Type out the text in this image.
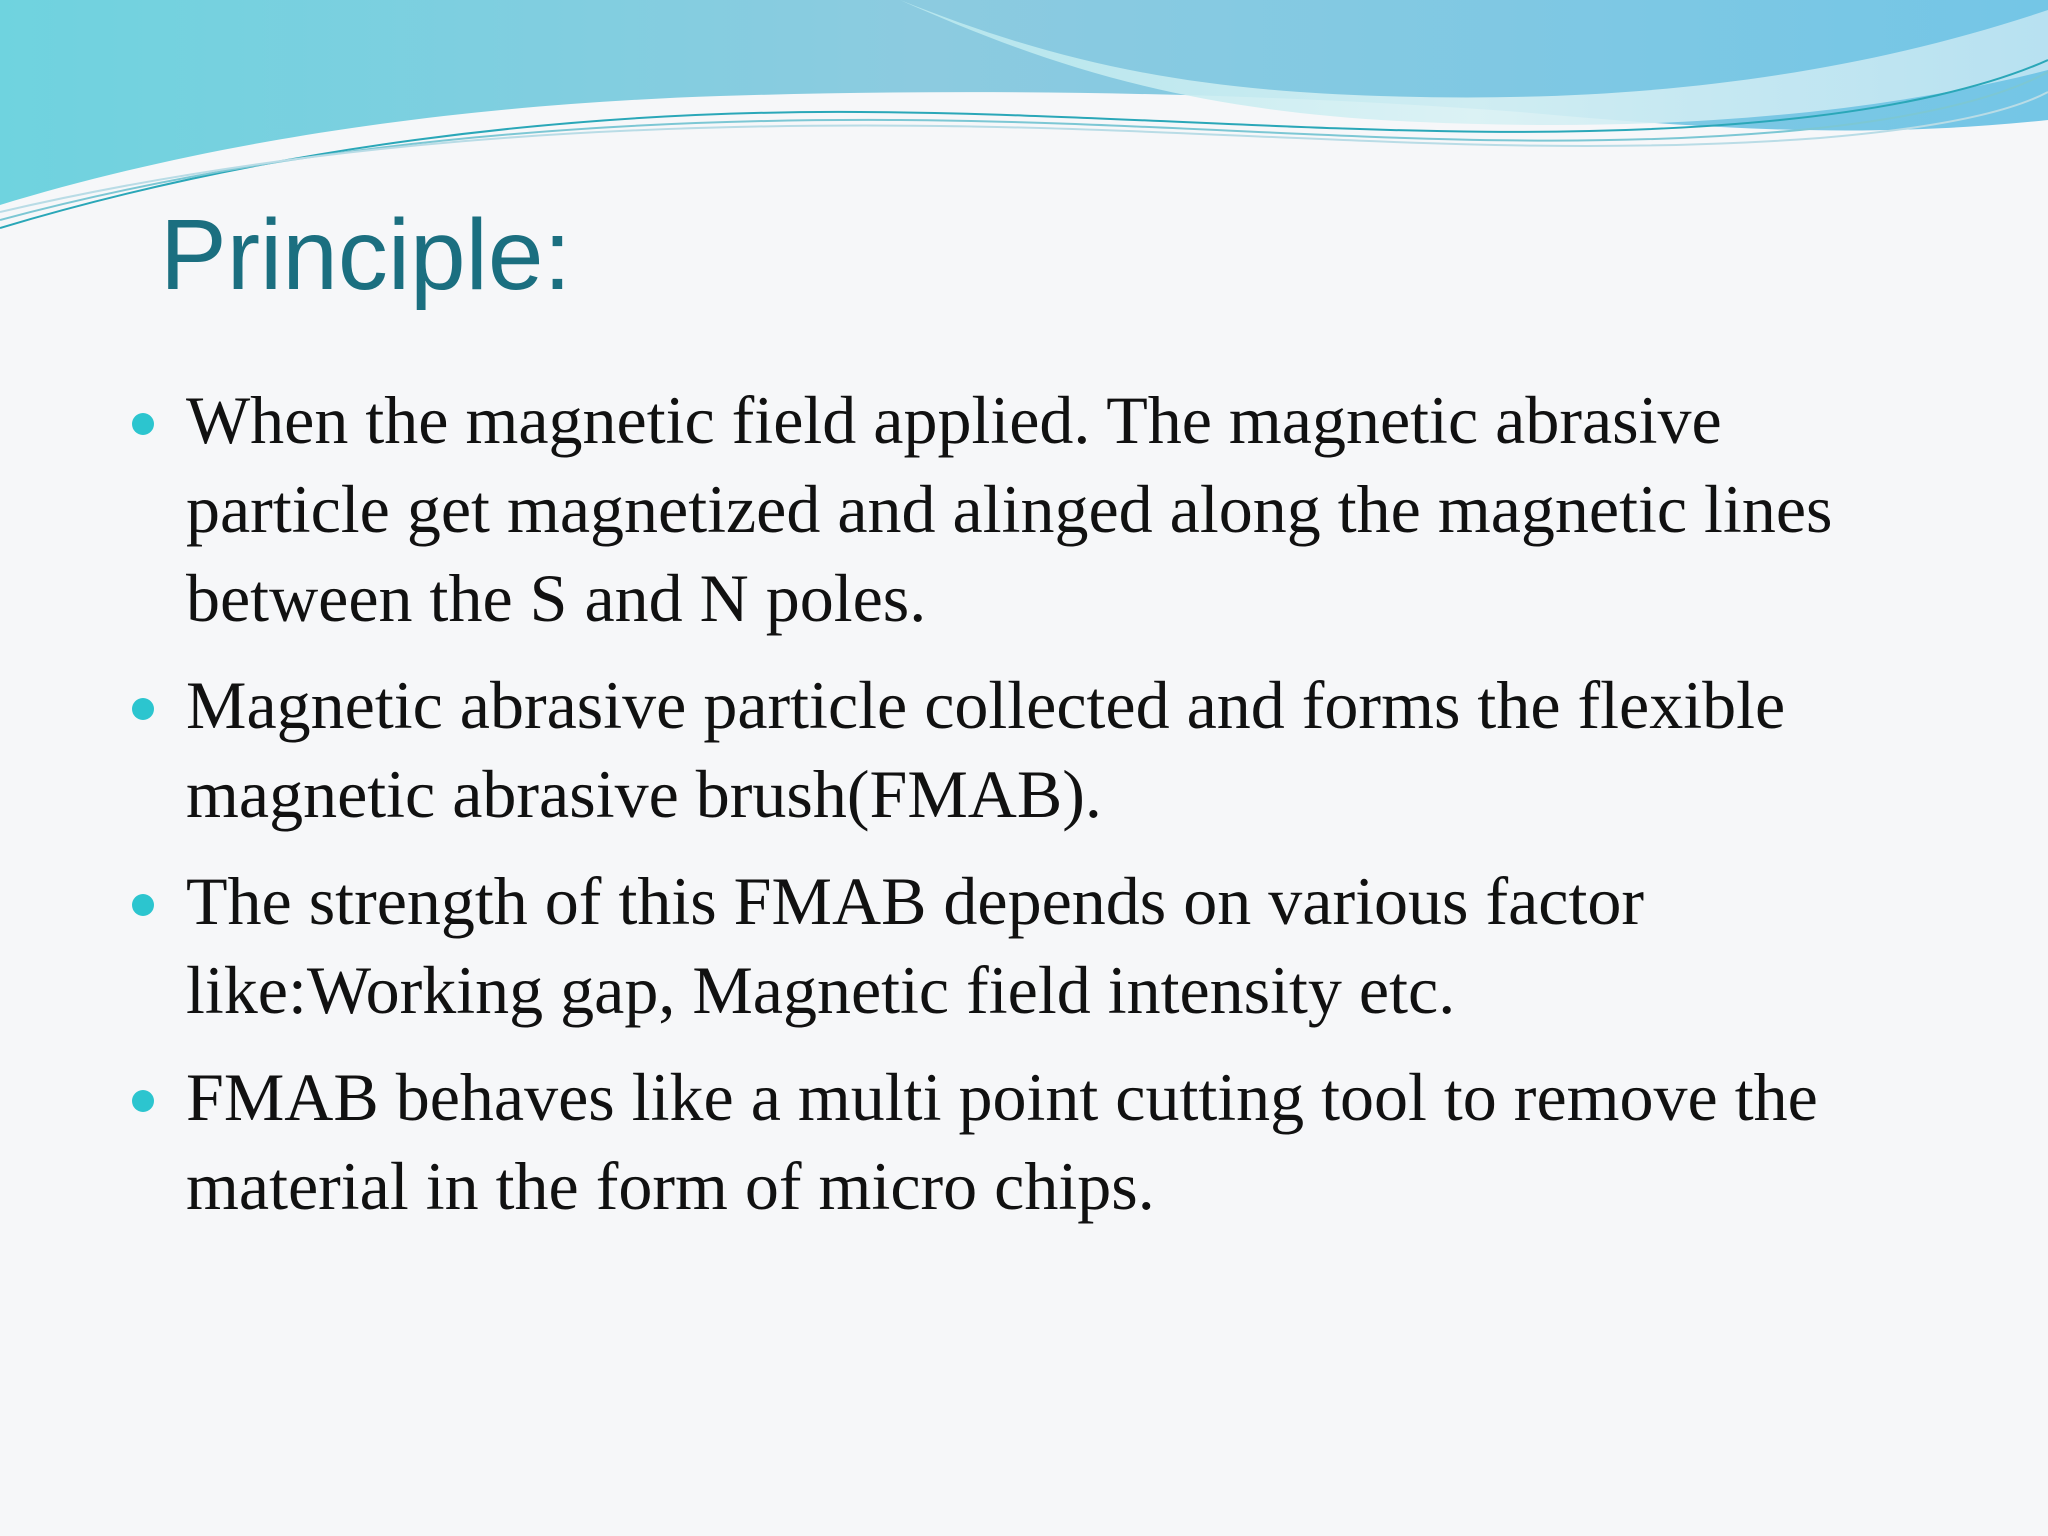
Principle:
When the magnetic field applied. The magnetic abrasive particle get magnetized and alinged along the magnetic lines between the S and N poles.
Magnetic abrasive particle collected and forms the flexible magnetic abrasive brush(FMAB).
The strength of this FMAB depends on various factor like:Working gap, Magnetic field intensity etc.
FMAB behaves like a multi point cutting tool to remove the material in the form of micro chips.
